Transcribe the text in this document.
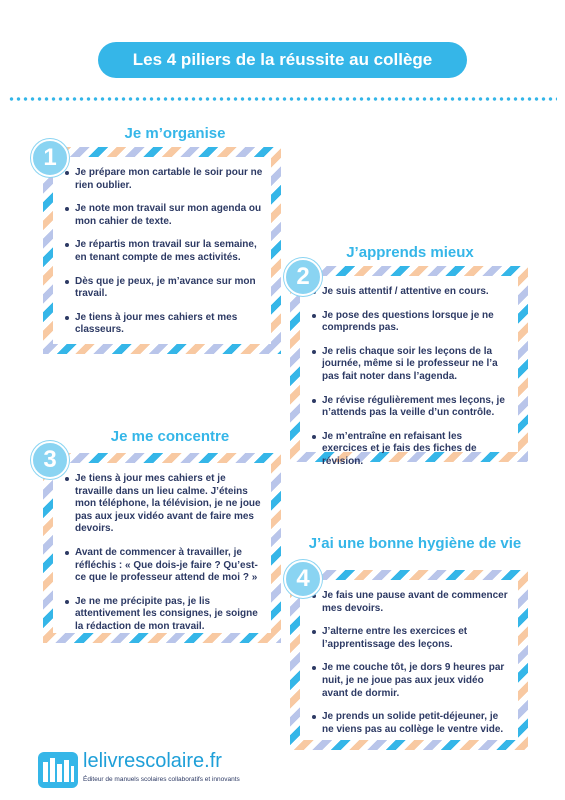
Les 4 piliers de la réussite au collège
Je m’organise
Je prépare mon cartable le soir pour ne rien oublier.
Je note mon travail sur mon agenda ou mon cahier de texte.
Je répartis mon travail sur la semaine, en tenant compte de mes activités.
Dès que je peux, je m’avance sur mon travail.
Je tiens à jour mes cahiers et mes classeurs.
1
J’apprends mieux
Je suis attentif / attentive en cours.
Je pose des questions lorsque je ne comprends pas.
Je relis chaque soir les leçons de la journée, même si le professeur ne l’a pas fait noter dans l’agenda.
Je révise régulièrement mes leçons, je n’attends pas la veille d’un contrôle.
Je m’entraîne en refaisant les exercices et je fais des fiches de révision.
2
Je me concentre
Je tiens à jour mes cahiers et je travaille dans un lieu calme. J’éteins mon téléphone, la télévision, je ne joue pas aux jeux vidéo avant de faire mes devoirs.
Avant de commencer à travailler, je réfléchis : « Que dois-je faire ? Qu’est-ce que le professeur attend de moi ? »
Je ne me précipite pas, je lis attentivement les consignes, je soigne la rédaction de mon travail.
3
J’ai une bonne hygiène de vie
Je fais une pause avant de commencer mes devoirs.
J’alterne entre les exercices et l’apprentissage des leçons.
Je me couche tôt, je dors 9 heures par nuit, je ne joue pas aux jeux vidéo avant de dormir.
Je prends un solide petit-déjeuner, je ne viens pas au collège le ventre vide.
4
lelivrescolaire.fr
Éditeur de manuels scolaires collaboratifs et innovants
